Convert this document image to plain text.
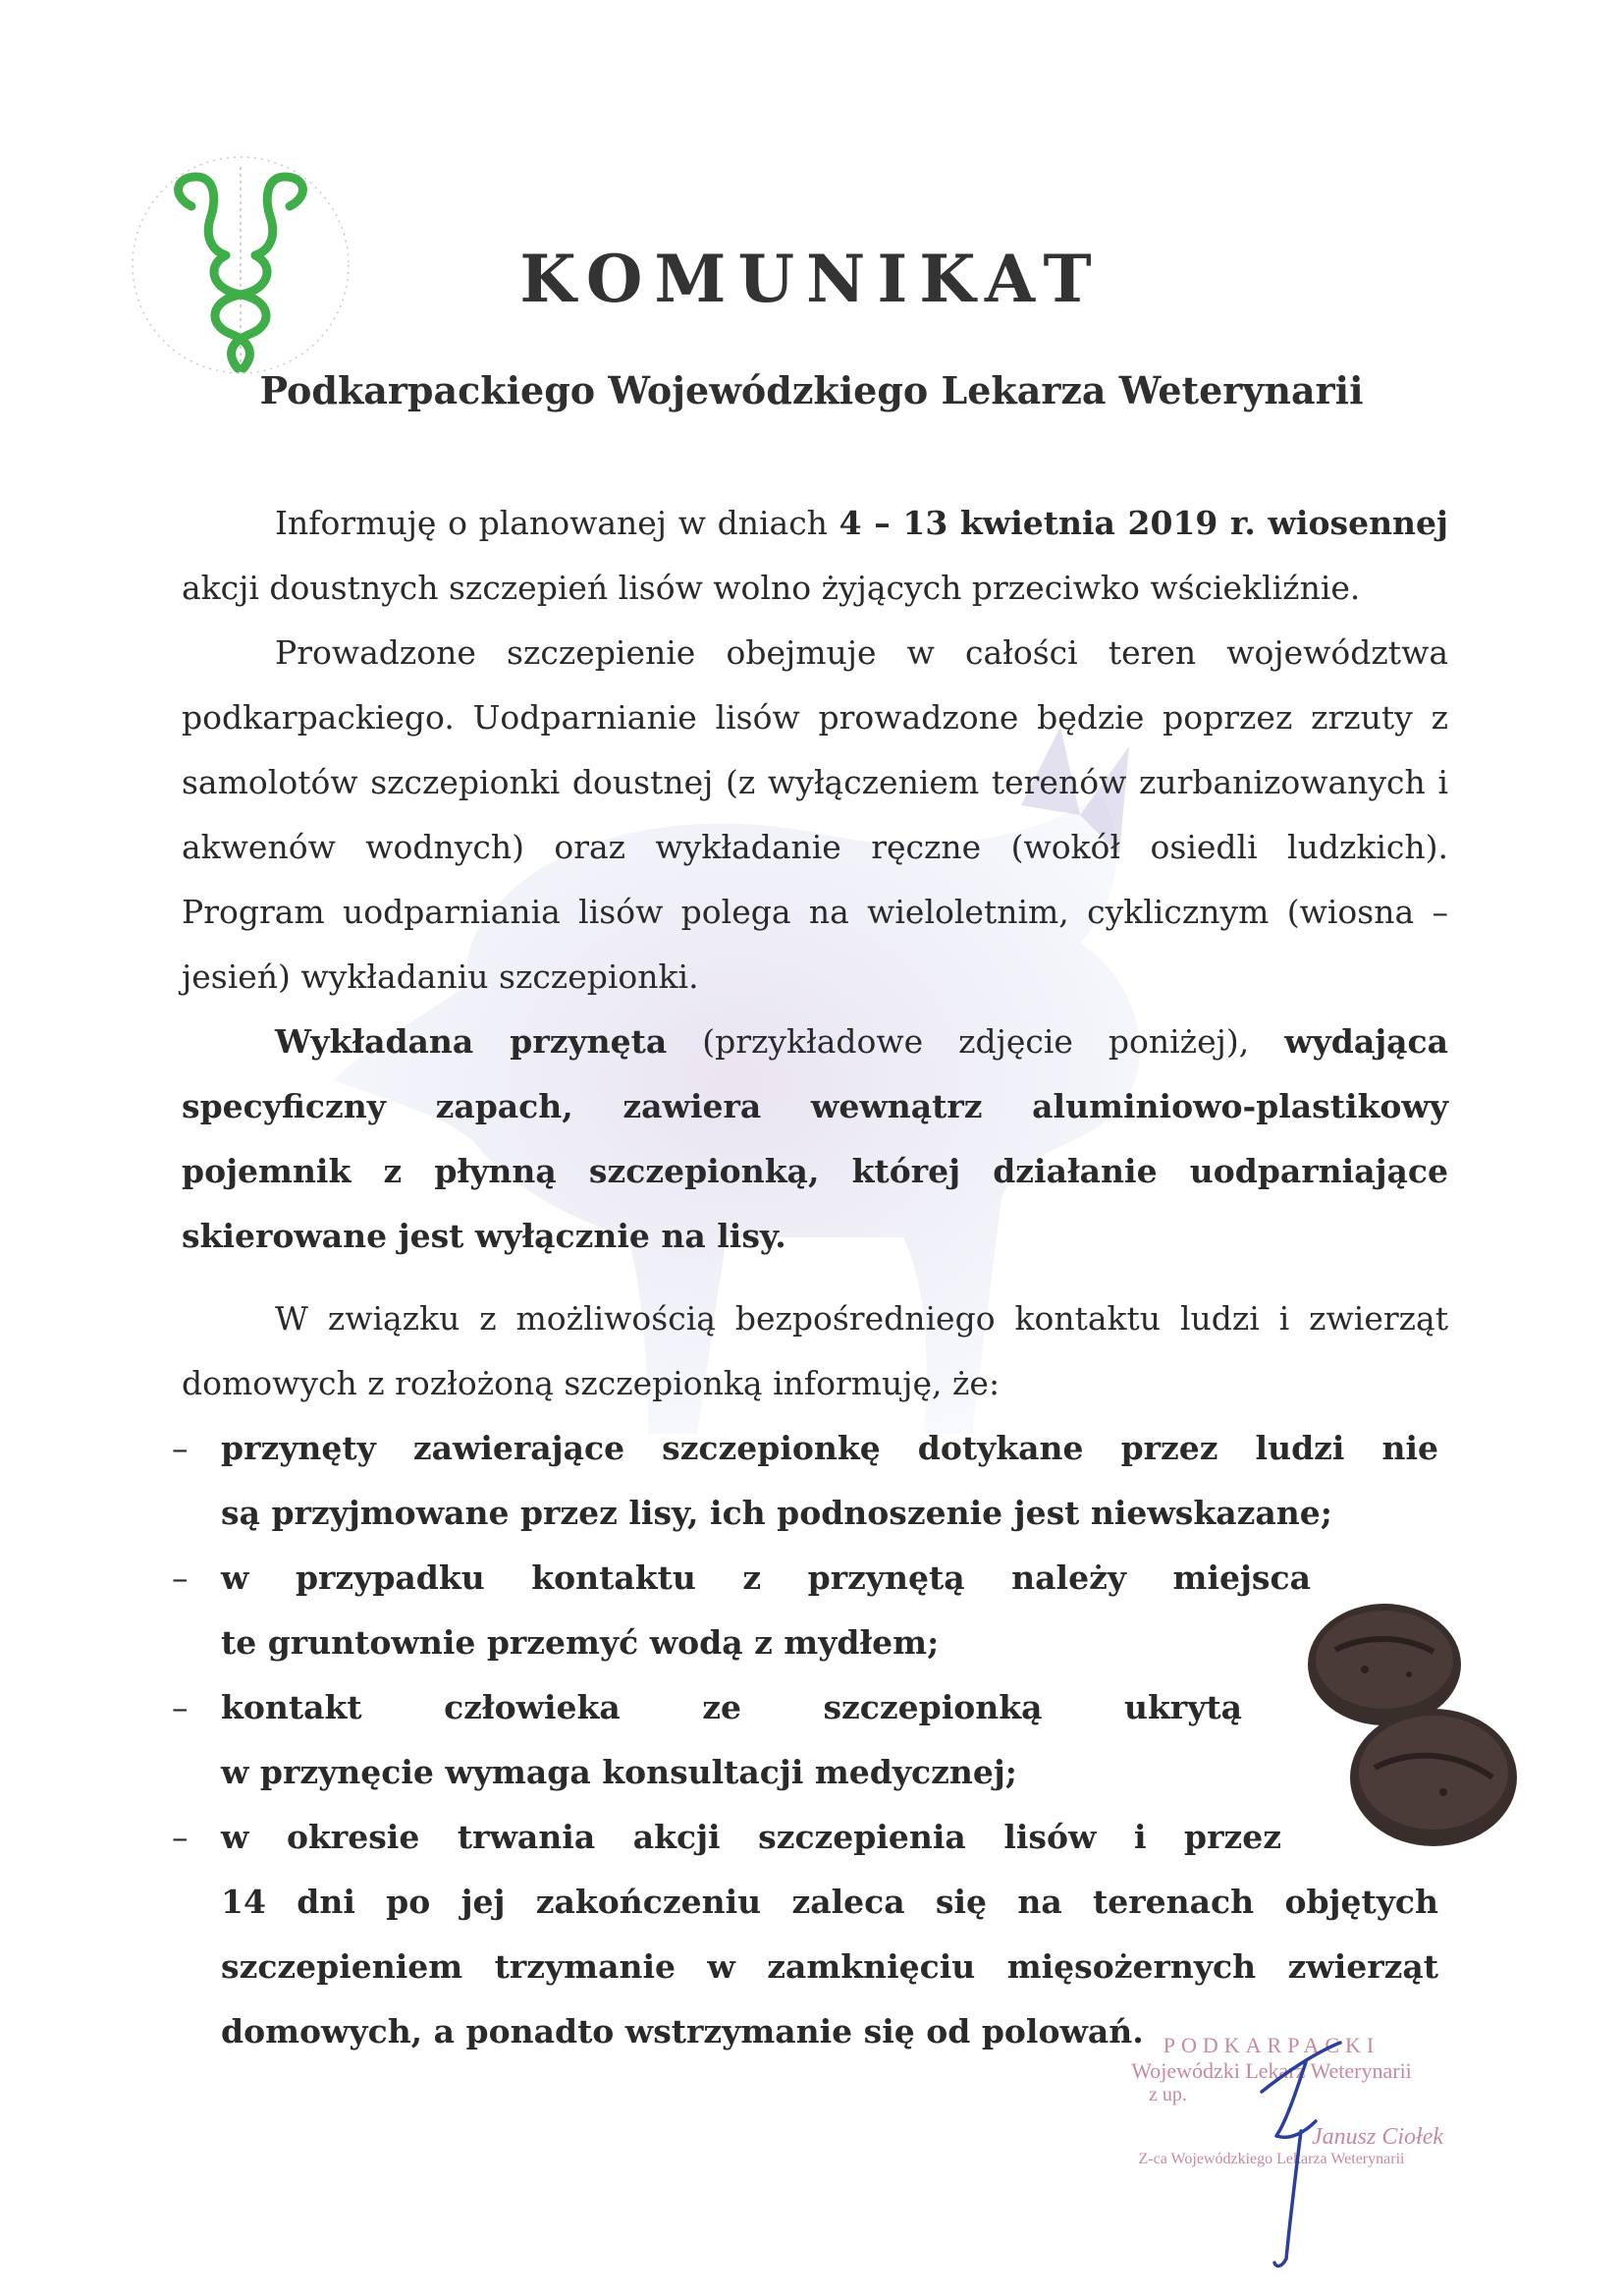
KOMUNIKAT
Podkarpackiego Wojewódzkiego Lekarza Weterynarii

Informuję o planowanej w dniach 4 – 13 kwietnia 2019 r. wiosennej akcji doustnych szczepień lisów wolno żyjących przeciwko wściekliźnie.

Prowadzone szczepienie obejmuje w całości teren województwa podkarpackiego. Uodparnianie lisów prowadzone będzie poprzez zrzuty z samolotów szczepionki doustnej (z wyłączeniem terenów zurbanizowanych i akwenów wodnych) oraz wykładanie ręczne (wokół osiedli ludzkich). Program uodparniania lisów polega na wieloletnim, cyklicznym (wiosna – jesień) wykładaniu szczepionki.

Wykładana przynęta (przykładowe zdjęcie poniżej), wydająca specyficzny zapach, zawiera wewnątrz aluminiowo-plastikowy pojemnik z płynną szczepionką, której działanie uodparniające skierowane jest wyłącznie na lisy.

W związku z możliwością bezpośredniego kontaktu ludzi i zwierząt domowych z rozłożoną szczepionką informuję, że:

–	przynęty zawierające szczepionkę dotykane przez ludzi nie
są przyjmowane przez lisy, ich podnoszenie jest niewskazane;
–	w przypadku kontaktu z przynętą należy miejsca
te gruntownie przemyć wodą z mydłem;
–	kontakt człowieka ze szczepionką ukrytą
w przynęcie wymaga konsultacji medycznej;
–	w okresie trwania akcji szczepienia lisów i przez
14 dni po jej zakończeniu zaleca się na terenach objętych szczepieniem trzymanie w zamknięciu mięsożernych zwierząt domowych, a ponadto wstrzymanie się od polowań. PODKARPACKI
Wojewódzki Lekarz Weterynarii
z up.
Janusz Ciołek
Z-ca Wojewódzkiego Lekarza Weterynarii
